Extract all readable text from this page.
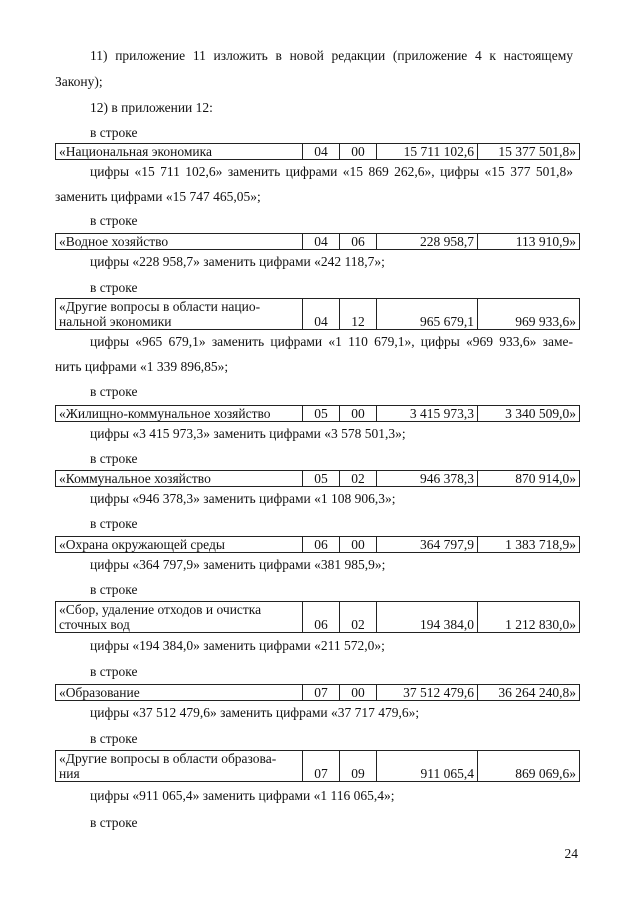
11) приложение 11 изложить в новой редакции (приложение 4 к настоящему
Закону);
12) в приложении 12:
в строке
«Национальная экономика	04	00	15 711 102,6	15 377 501,8»
цифры «15 711 102,6» заменить цифрами «15 869 262,6», цифры «15 377 501,8»
заменить цифрами «15 747 465,05»;
в строке
«Водное хозяйство	04	06	228 958,7	113 910,9»
цифры «228 958,7» заменить цифрами «242 118,7»;
в строке
«Другие вопросы в области нацио-
нальной экономики	04	12	965 679,1	969 933,6»
цифры «965 679,1» заменить цифрами «1 110 679,1», цифры «969 933,6» заме-
нить цифрами «1 339 896,85»;
в строке
«Жилищно-коммунальное хозяйство	05	00	3 415 973,3	3 340 509,0»
цифры «3 415 973,3» заменить цифрами «3 578 501,3»;
в строке
«Коммунальное хозяйство	05	02	946 378,3	870 914,0»
цифры «946 378,3» заменить цифрами «1 108 906,3»;
в строке
«Охрана окружающей среды	06	00	364 797,9	1 383 718,9»
цифры «364 797,9» заменить цифрами «381 985,9»;
в строке
«Сбор, удаление отходов и очистка
сточных вод	06	02	194 384,0	1 212 830,0»
цифры «194 384,0» заменить цифрами «211 572,0»;
в строке
«Образование	07	00	37 512 479,6	36 264 240,8»
цифры «37 512 479,6» заменить цифрами «37 717 479,6»;
в строке
«Другие вопросы в области образова-
ния	07	09	911 065,4	869 069,6»
цифры «911 065,4» заменить цифрами «1 116 065,4»;
в строке
24
